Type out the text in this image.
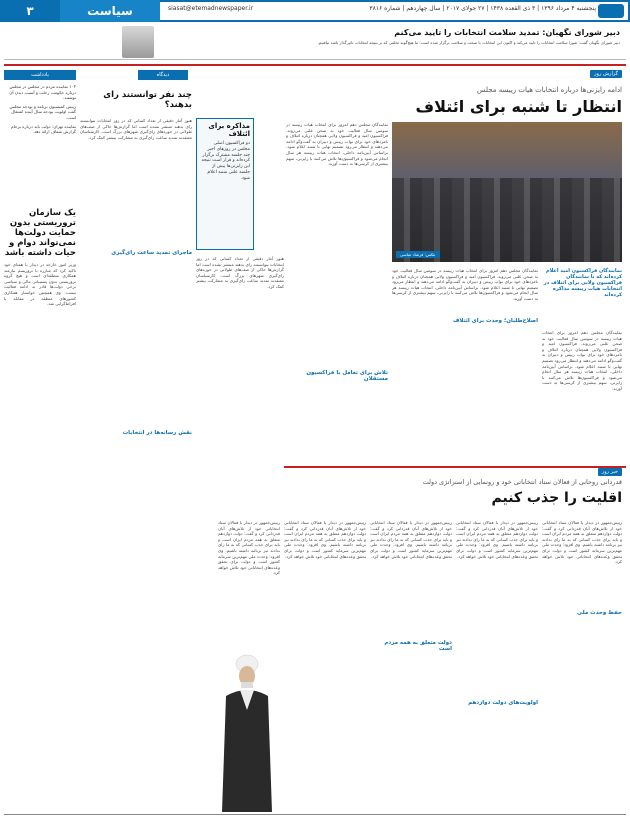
۳	سیاست	siasat@etemadnewspaper.ir	پنجشنبه ۴ مرداد ۱۳۹۶ | ۳ ذی القعده ۱۴۳۸ | ۲۷ جولای ۲۰۱۷ | سال چهاردهم | شماره ۳۸۱۶
دبیر شورای نگهبان: تمدید سلامت انتخابات را تایید می‌کنم
دبیر شورای نگهبان گفت: شورا سلامت انتخابات را تایید می‌کند و اکنون این انتخابات با صحت و سلامت برگزار شده است؛ ما هیچ‌گونه تخلفی که بر نتیجه انتخابات تاثیرگذار باشد نیافتیم.
گزارش روز
ادامه رایزنی‌ها درباره انتخابات هیات رییسه مجلس
انتظار تا شنبه برای ائتلاف
عکس: فرشاد عباسی
نمایندگان مجلس دهم امروز برای انتخاب هیات رییسه در سومین سال فعالیت خود به صحن علنی می‌روند. فراکسیون امید و فراکسیون ولایی همچنان درباره ائتلاف و نامزدهای خود برای نواب رییس و دبیران به گفت‌وگو ادامه می‌دهند و انتظار می‌رود تصمیم نهایی تا شنبه اعلام شود. براساس آیین‌نامه داخلی، انتخاب هیات رییسه هر سال انجام می‌شود و فراکسیون‌ها تلاش می‌کنند با رایزنی، سهم بیشتری از کرسی‌ها به دست آورند.
تلاش برای تعامل با فراکسیون مستقلان
نمایندگان فراکسیون امید اعلام کرده‌اند که با نمایندگان فراکسیون ولایی برای ائتلاف در انتخابات هیات رییسه مذاکره کرده‌اند
نمایندگان مجلس دهم امروز برای انتخاب هیات رییسه در سومین سال فعالیت خود به صحن علنی می‌روند. فراکسیون امید و فراکسیون ولایی همچنان درباره ائتلاف و نامزدهای خود برای نواب رییس و دبیران به گفت‌وگو ادامه می‌دهند و انتظار می‌رود تصمیم نهایی تا شنبه اعلام شود. براساس آیین‌نامه داخلی، انتخاب هیات رییسه هر سال انجام می‌شود و فراکسیون‌ها تلاش می‌کنند با رایزنی، سهم بیشتری از کرسی‌ها به دست آورند.
اصلاح‌طلبان؛ وحدت برای ائتلاف
نمایندگان مجلس دهم امروز برای انتخاب هیات رییسه در سومین سال فعالیت خود به صحن علنی می‌روند. فراکسیون امید و فراکسیون ولایی همچنان درباره ائتلاف و نامزدهای خود برای نواب رییس و دبیران به گفت‌وگو ادامه می‌دهند و انتظار می‌رود تصمیم نهایی تا شنبه اعلام شود. براساس آیین‌نامه داخلی، انتخاب هیات رییسه هر سال انجام می‌شود و فراکسیون‌ها تلاش می‌کنند با رایزنی، سهم بیشتری از کرسی‌ها به دست آورند.
یادداشت
۱۰۴ نماینده مردم در مجلس در مجلس درباره حکومت رحلت و آسیب دیدن آن نوشتند.
رییس کمیسیون برنامه و بودجه مجلس گفت اولویت بودجه سال آینده اشتغال است.
نماینده تهران: دولت باید درباره برجام گزارش شفاف ارائه دهد.
یک سازمان تروریستی بدون حمایت دولت‌ها نمی‌تواند دوام و حیات داشته باشد
وزیر امور خارجه در دیدار با همتای خود تاکید کرد که مبارزه با تروریسم نیازمند همکاری منطقه‌ای است و هیچ گروه تروریستی بدون پشتیبانی مالی و سیاسی برخی دولت‌ها قادر به ادامه فعالیت نیست. وی همچنین خواستار همکاری کشورهای منطقه در مقابله با افراط‌گرایی شد.
دیدگاه
چند نفر توانستند رای بدهند؟
هنوز آمار دقیقی از تعداد کسانی که در روز انتخابات نتوانستند رای بدهند منتشر نشده است اما گزارش‌ها حاکی از صف‌های طولانی در حوزه‌های رای‌گیری شهرهای بزرگ است. کارشناسان معتقدند تمدید ساعت رای‌گیری به مشارکت بیشتر کمک کرد.
ماجرای تمدید ساعت رای‌گیری
نقش رسانه‌ها در انتخابات
مذاکره برای ائتلاف
دو فراکسیون اصلی مجلس در روزهای اخیر چند جلسه مشترک برگزار کرده‌اند و قرار است نتیجه این رایزنی‌ها پیش از جلسه علنی شنبه اعلام شود.
هنوز آمار دقیقی از تعداد کسانی که در روز انتخابات نتوانستند رای بدهند منتشر نشده است اما گزارش‌ها حاکی از صف‌های طولانی در حوزه‌های رای‌گیری شهرهای بزرگ است. کارشناسان معتقدند تمدید ساعت رای‌گیری به مشارکت بیشتر کمک کرد.
خبر روز
قدردانی روحانی از فعالان ستاد انتخاباتی خود و رونمایی از استراتژی دولت
اقلیت را جذب کنیم
رییس‌جمهور در دیدار با فعالان ستاد انتخاباتی خود از تلاش‌های آنان قدردانی کرد و گفت: دولت دوازدهم متعلق به همه مردم ایران است و باید برای جذب کسانی که به ما رای ندادند نیز برنامه داشته باشیم. وی افزود: وحدت ملی مهم‌ترین سرمایه کشور است و دولت برای تحقق وعده‌های انتخاباتی خود تلاش خواهد کرد.
رییس‌جمهور در دیدار با فعالان ستاد انتخاباتی خود از تلاش‌های آنان قدردانی کرد و گفت: دولت دوازدهم متعلق به همه مردم ایران است و باید برای جذب کسانی که به ما رای ندادند نیز برنامه داشته باشیم. وی افزود: وحدت ملی مهم‌ترین سرمایه کشور است و دولت برای تحقق وعده‌های انتخاباتی خود تلاش خواهد کرد.
رییس‌جمهور در دیدار با فعالان ستاد انتخاباتی خود از تلاش‌های آنان قدردانی کرد و گفت: دولت دوازدهم متعلق به همه مردم ایران است و باید برای جذب کسانی که به ما رای ندادند نیز برنامه داشته باشیم. وی افزود: وحدت ملی مهم‌ترین سرمایه کشور است و دولت برای تحقق وعده‌های انتخاباتی خود تلاش خواهد کرد.
رییس‌جمهور در دیدار با فعالان ستاد انتخاباتی خود از تلاش‌های آنان قدردانی کرد و گفت: دولت دوازدهم متعلق به همه مردم ایران است و باید برای جذب کسانی که به ما رای ندادند نیز برنامه داشته باشیم. وی افزود: وحدت ملی مهم‌ترین سرمایه کشور است و دولت برای تحقق وعده‌های انتخاباتی خود تلاش خواهد کرد.
دولت متعلق به همه مردم است
اولویت‌های دولت دوازدهم
حفظ وحدت ملی
رییس‌جمهور در دیدار با فعالان ستاد انتخاباتی خود از تلاش‌های آنان قدردانی کرد و گفت: دولت دوازدهم متعلق به همه مردم ایران است و باید برای جذب کسانی که به ما رای ندادند نیز برنامه داشته باشیم. وی افزود: وحدت ملی مهم‌ترین سرمایه کشور است و دولت برای تحقق وعده‌های انتخاباتی خود تلاش خواهد کرد.
